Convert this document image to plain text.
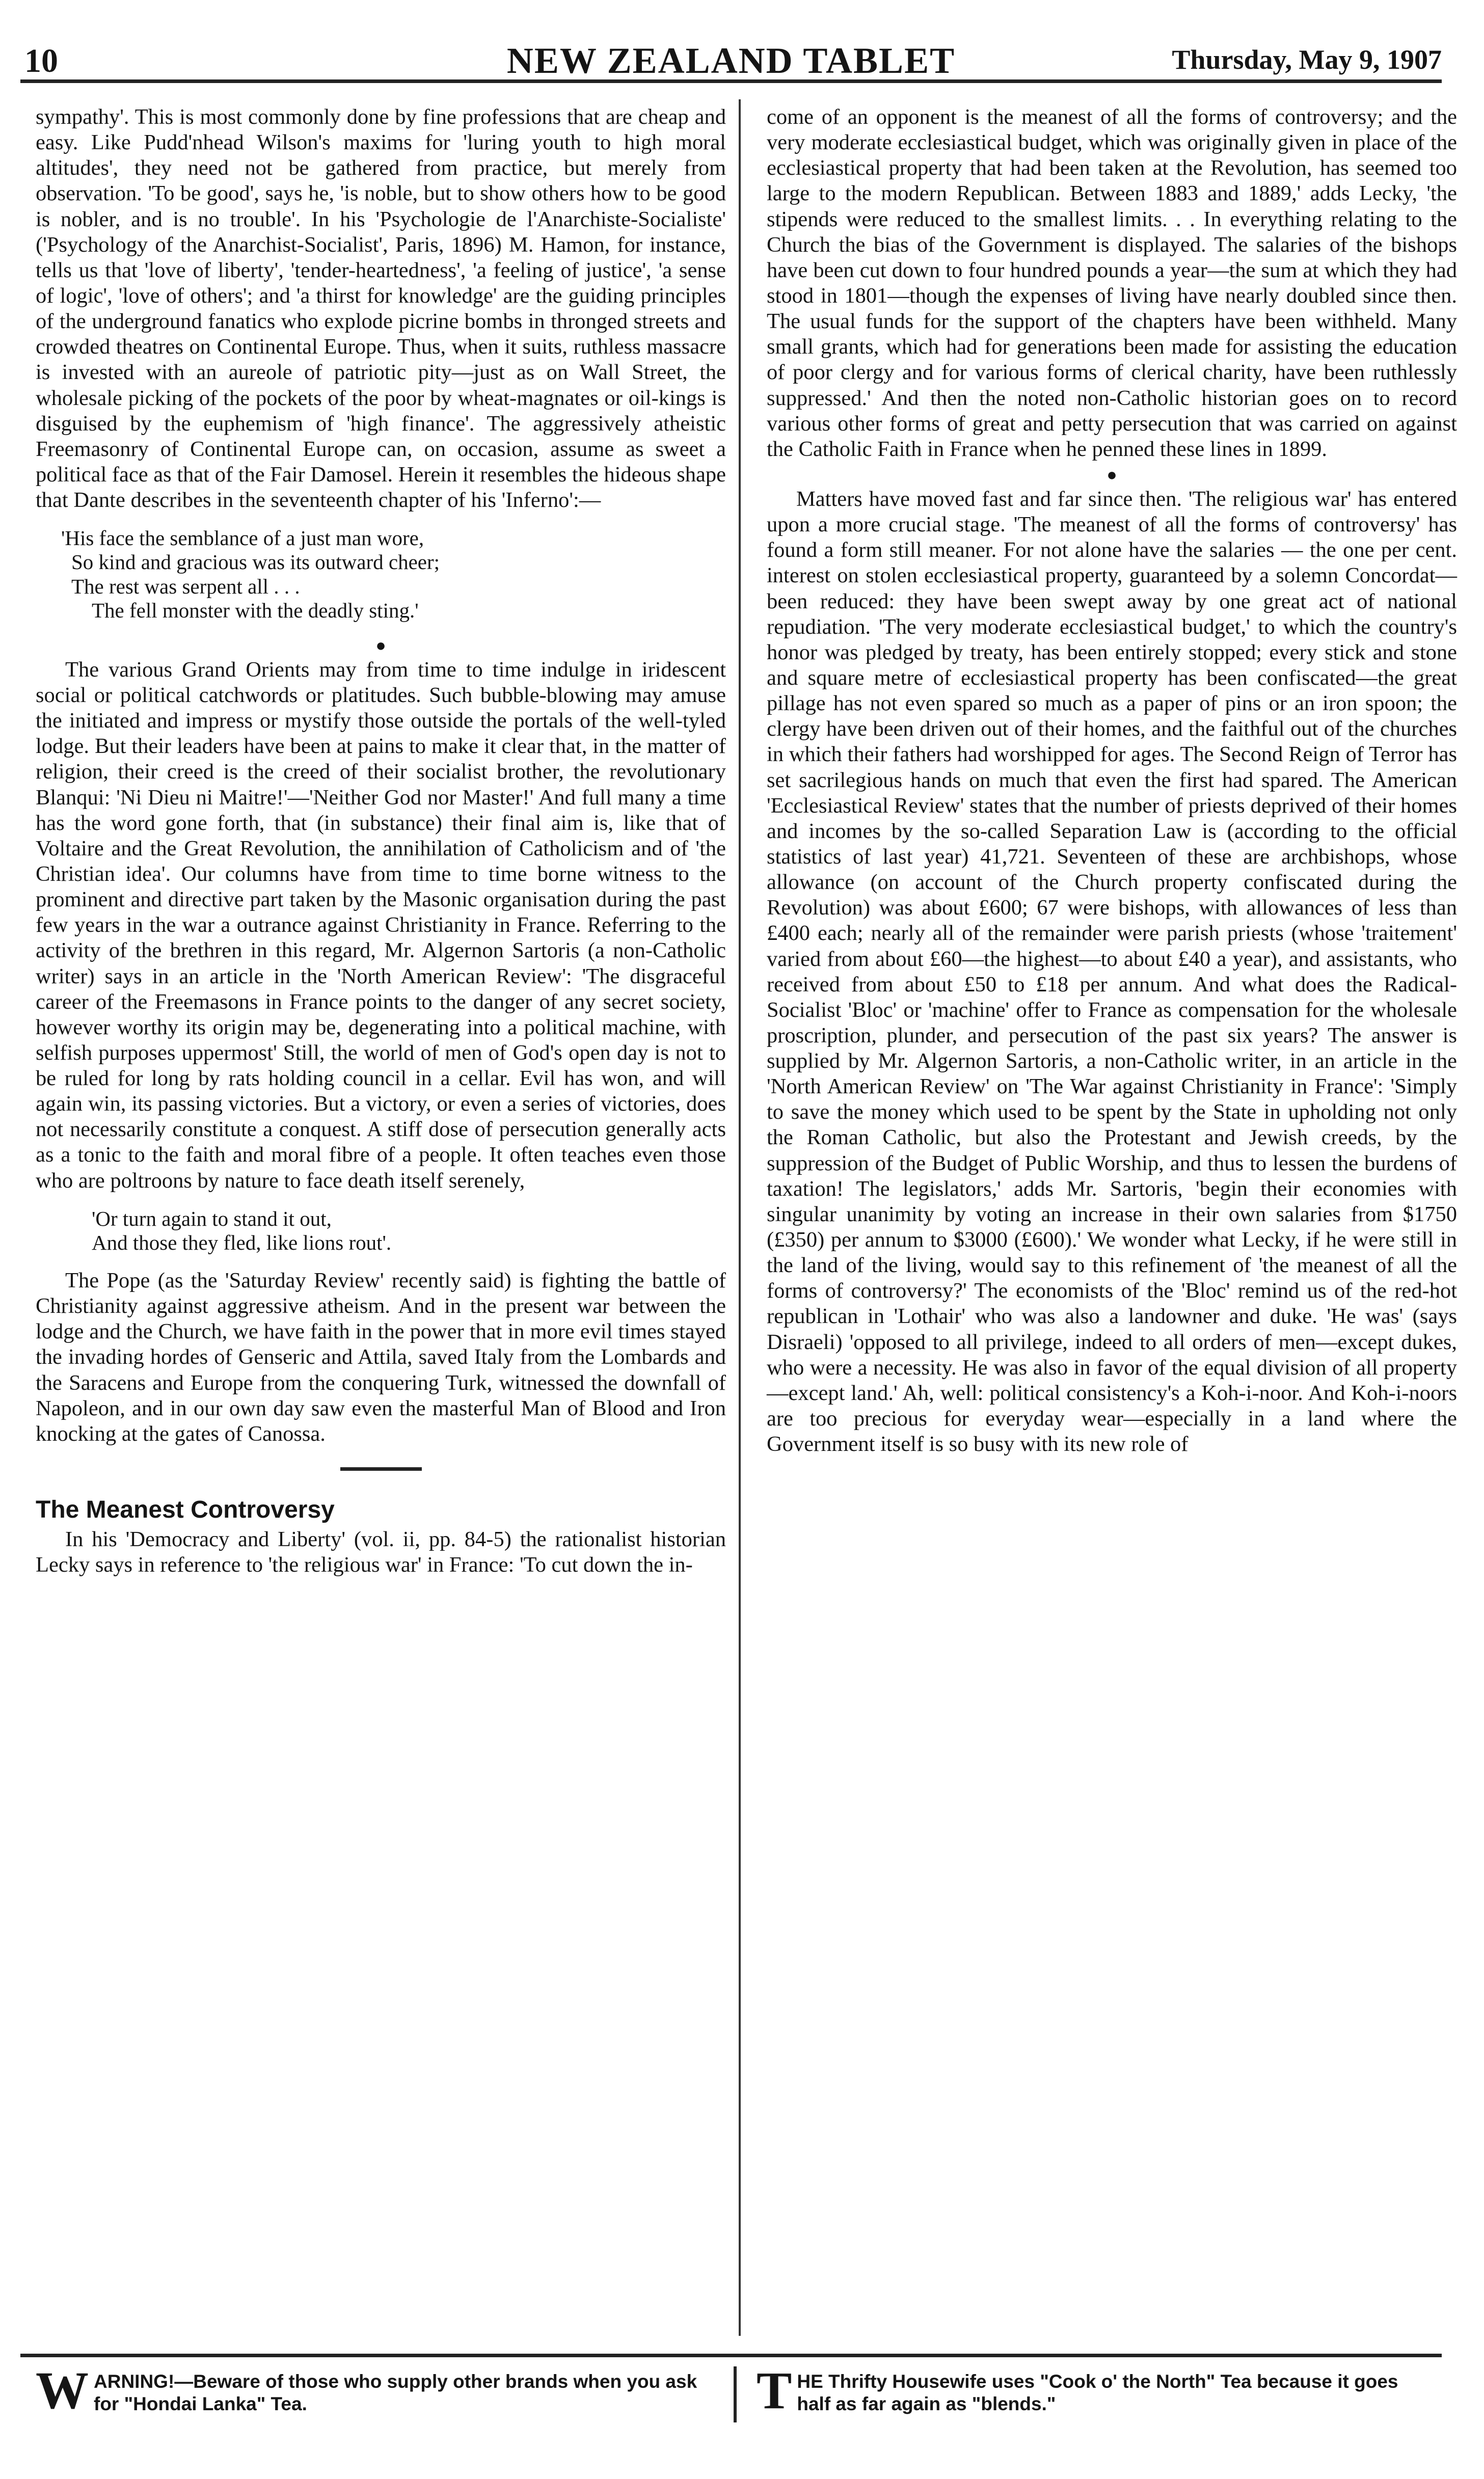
10	NEW ZEALAND TABLET	Thursday, May 9, 1907

sympathy'. This is most commonly done by fine professions that are cheap and easy. Like Pudd'nhead Wilson's maxims for 'luring youth to high moral altitudes', they need not be gathered from practice, but merely from observation. 'To be good', says he, 'is noble, but to show others how to be good is nobler, and is no trouble'. In his 'Psychologie de l'Anarchiste-Socialiste' ('Psychology of the Anarchist-Socialist', Paris, 1896) M. Hamon, for instance, tells us that 'love of liberty', 'tender-heartedness', 'a feeling of justice', 'a sense of logic', 'love of others'; and 'a thirst for knowledge' are the guiding principles of the underground fanatics who explode picrine bombs in thronged streets and crowded theatres on Continental Europe. Thus, when it suits, ruthless massacre is invested with an aureole of patriotic pity—just as on Wall Street, the wholesale picking of the pockets of the poor by wheat-magnates or oil-kings is disguised by the euphemism of 'high finance'. The aggressively atheistic Freemasonry of Continental Europe can, on occasion, assume as sweet a political face as that of the Fair Damosel. Herein it resembles the hideous shape that Dante describes in the seventeenth chapter of his 'Inferno':—

'His face the semblance of a just man wore,
So kind and gracious was its outward cheer;
The rest was serpent all . . .
The fell monster with the deadly sting.'
●

The various Grand Orients may from time to time indulge in iridescent social or political catchwords or platitudes. Such bubble-blowing may amuse the initiated and impress or mystify those outside the portals of the well-tyled lodge. But their leaders have been at pains to make it clear that, in the matter of religion, their creed is the creed of their socialist brother, the revolutionary Blanqui: 'Ni Dieu ni Maitre!'—'Neither God nor Master!' And full many a time has the word gone forth, that (in substance) their final aim is, like that of Voltaire and the Great Revolution, the annihilation of Catholicism and of 'the Christian idea'. Our columns have from time to time borne witness to the prominent and directive part taken by the Masonic organisation during the past few years in the war a outrance against Christianity in France. Referring to the activity of the brethren in this regard, Mr. Algernon Sartoris (a non-Catholic writer) says in an article in the 'North American Review': 'The disgraceful career of the Freemasons in France points to the danger of any secret society, however worthy its origin may be, degenerating into a political machine, with selfish purposes uppermost' Still, the world of men of God's open day is not to be ruled for long by rats holding council in a cellar. Evil has won, and will again win, its passing victories. But a victory, or even a series of victories, does not necessarily constitute a conquest. A stiff dose of persecution generally acts as a tonic to the faith and moral fibre of a people. It often teaches even those who are poltroons by nature to face death itself serenely,

'Or turn again to stand it out,
And those they fled, like lions rout'.

The Pope (as the 'Saturday Review' recently said) is fighting the battle of Christianity against aggressive atheism. And in the present war between the lodge and the Church, we have faith in the power that in more evil times stayed the invading hordes of Genseric and Attila, saved Italy from the Lombards and the Saracens and Europe from the conquering Turk, witnessed the downfall of Napoleon, and in our own day saw even the masterful Man of Blood and Iron knocking at the gates of Canossa.

The Meanest Controversy

In his 'Democracy and Liberty' (vol. ii, pp. 84-5) the rationalist historian Lecky says in reference to 'the religious war' in France: 'To cut down the in-

come of an opponent is the meanest of all the forms of controversy; and the very moderate ecclesiastical budget, which was originally given in place of the ecclesiastical property that had been taken at the Revolution, has seemed too large to the modern Republican. Between 1883 and 1889,' adds Lecky, 'the stipends were reduced to the smallest limits. . . In everything relating to the Church the bias of the Government is displayed. The salaries of the bishops have been cut down to four hundred pounds a year—the sum at which they had stood in 1801—though the expenses of living have nearly doubled since then. The usual funds for the support of the chapters have been withheld. Many small grants, which had for generations been made for assisting the education of poor clergy and for various forms of clerical charity, have been ruthlessly suppressed.' And then the noted non-Catholic historian goes on to record various other forms of great and petty persecution that was carried on against the Catholic Faith in France when he penned these lines in 1899.

●

Matters have moved fast and far since then. 'The religious war' has entered upon a more crucial stage. 'The meanest of all the forms of controversy' has found a form still meaner. For not alone have the salaries — the one per cent. interest on stolen ecclesiastical property, guaranteed by a solemn Concordat—been reduced: they have been swept away by one great act of national repudiation. 'The very moderate ecclesiastical budget,' to which the country's honor was pledged by treaty, has been entirely stopped; every stick and stone and square metre of ecclesiastical property has been confiscated—the great pillage has not even spared so much as a paper of pins or an iron spoon; the clergy have been driven out of their homes, and the faithful out of the churches in which their fathers had worshipped for ages. The Second Reign of Terror has set sacrilegious hands on much that even the first had spared. The American 'Ecclesiastical Review' states that the number of priests deprived of their homes and incomes by the so-called Separation Law is (according to the official statistics of last year) 41,721. Seventeen of these are archbishops, whose allowance (on account of the Church property confiscated during the Revolution) was about £600; 67 were bishops, with allowances of less than £400 each; nearly all of the remainder were parish priests (whose 'traitement' varied from about £60—the highest—to about £40 a year), and assistants, who received from about £50 to £18 per annum. And what does the Radical-Socialist 'Bloc' or 'machine' offer to France as compensation for the wholesale proscription, plunder, and persecution of the past six years? The answer is supplied by Mr. Algernon Sartoris, a non-Catholic writer, in an article in the 'North American Review' on 'The War against Christianity in France': 'Simply to save the money which used to be spent by the State in upholding not only the Roman Catholic, but also the Protestant and Jewish creeds, by the suppression of the Budget of Public Worship, and thus to lessen the burdens of taxation! The legislators,' adds Mr. Sartoris, 'begin their economies with singular unanimity by voting an increase in their own salaries from $1750 (£350) per annum to $3000 (£600).' We wonder what Lecky, if he were still in the land of the living, would say to this refinement of 'the meanest of all the forms of controversy?' The economists of the 'Bloc' remind us of the red-hot republican in 'Lothair' who was also a landowner and duke. 'He was' (says Disraeli) 'opposed to all privilege, indeed to all orders of men—except dukes, who were a necessity. He was also in favor of the equal division of all property—except land.' Ah, well: political consistency's a Koh-i-noor. And Koh-i-noors are too precious for everyday wear—especially in a land where the Government itself is so busy with its new role of

W ARNING!—Beware of those who supply other brands when you ask for "Hondai Lanka" Tea.	T HE Thrifty Housewife uses "Cook o' the North" Tea because it goes half as far again as "blends."
